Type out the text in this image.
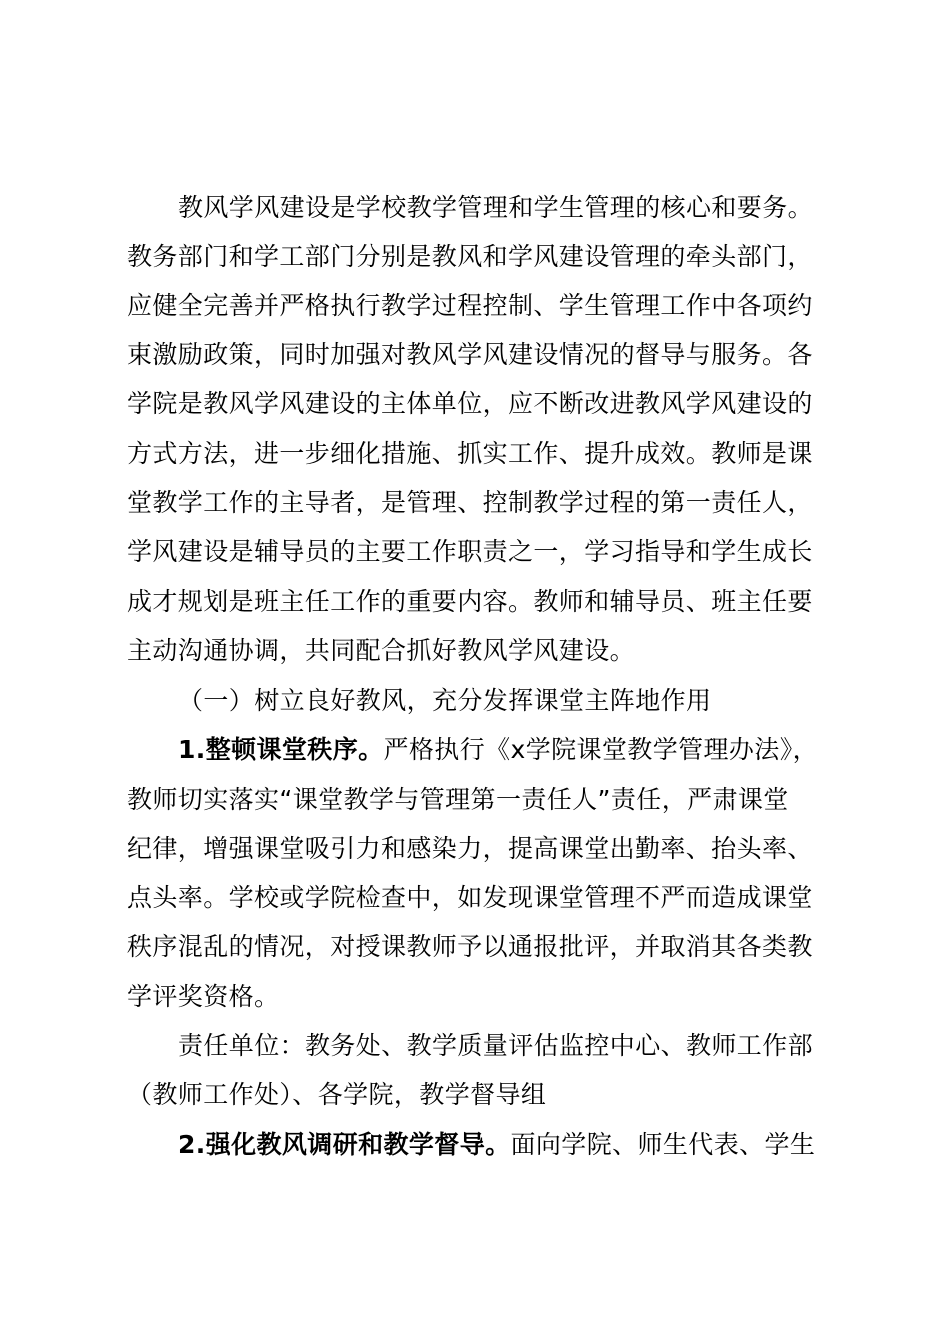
教风学风建设是学校教学管理和学生管理的核心和要务。
教务部门和学工部门分别是教风和学风建设管理的牵头部门，
应健全完善并严格执行教学过程控制、学生管理工作中各项约
束激励政策，同时加强对教风学风建设情况的督导与服务。各
学院是教风学风建设的主体单位，应不断改进教风学风建设的
方式方法，进一步细化措施、抓实工作、提升成效。教师是课
堂教学工作的主导者，是管理、控制教学过程的第一责任人，
学风建设是辅导员的主要工作职责之一，学习指导和学生成长
成才规划是班主任工作的重要内容。教师和辅导员、班主任要
主动沟通协调，共同配合抓好教风学风建设。
（一）树立良好教风，充分发挥课堂主阵地作用
1.整顿课堂秩序。严格执行《x学院课堂教学管理办法》，
教师切实落实“课堂教学与管理第一责任人”责任，严肃课堂
纪律，增强课堂吸引力和感染力，提高课堂出勤率、抬头率、
点头率。学校或学院检查中，如发现课堂管理不严而造成课堂
秩序混乱的情况，对授课教师予以通报批评，并取消其各类教
学评奖资格。
责任单位：教务处、教学质量评估监控中心、教师工作部
（教师工作处）、各学院，教学督导组
2.强化教风调研和教学督导。面向学院、师生代表、学生
